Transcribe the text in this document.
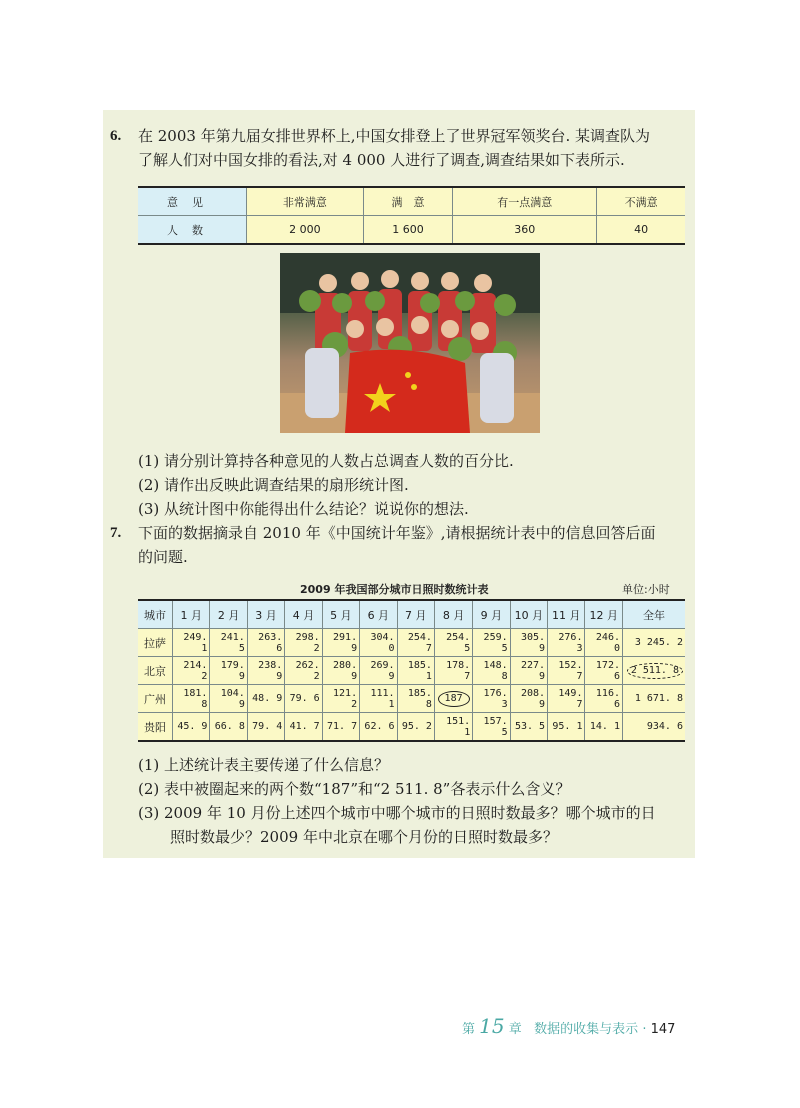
6. 在 2003 年第九届女排世界杯上,中国女排登上了世界冠军领奖台. 某调查队为
了解人们对中国女排的看法,对 4 000 人进行了调查,调查结果如下表所示.
意见	非常满意	满　意	有一点满意	不满意
人数	2 000	1 600	360	40
(1) 请分别计算持各种意见的人数占总调查人数的百分比.
(2) 请作出反映此调查结果的扇形统计图.
(3) 从统计图中你能得出什么结论？说说你的想法.
7. 下面的数据摘录自 2010 年《中国统计年鉴》,请根据统计表中的信息回答后面
的问题.
2009 年我国部分城市日照时数统计表	单位:小时
城市	1 月	2 月	3 月	4 月	5 月	6 月	7 月	8 月	9 月	10 月	11 月	12 月	全年
拉萨	249. 1	241. 5	263. 6	298. 2	291. 9	304. 0	254. 7	254. 5	259. 5	305. 9	276. 3	246. 0	3 245. 2
北京	214. 2	179. 9	238. 9	262. 2	280. 9	269. 9	185. 1	178. 7	148. 8	227. 9	152. 7	172. 6	2 511. 8
广州	181. 8	104. 9	48. 9	79. 6	121. 2	111. 1	185. 8	187	176. 3	208. 9	149. 7	116. 6	1 671. 8
贵阳	45. 9	66. 8	79. 4	41. 7	71. 7	62. 6	95. 2	151. 1	157. 5	53. 5	95. 1	14. 1	934. 6
(1) 上述统计表主要传递了什么信息？
(2) 表中被圈起来的两个数“187”和“2 511. 8”各表示什么含义？
(3) 2009 年 10 月份上述四个城市中哪个城市的日照时数最多？哪个城市的日
照时数最少？2009 年中北京在哪个月份的日照时数最多？
第 15 章 数据的收集与表示 · 147
